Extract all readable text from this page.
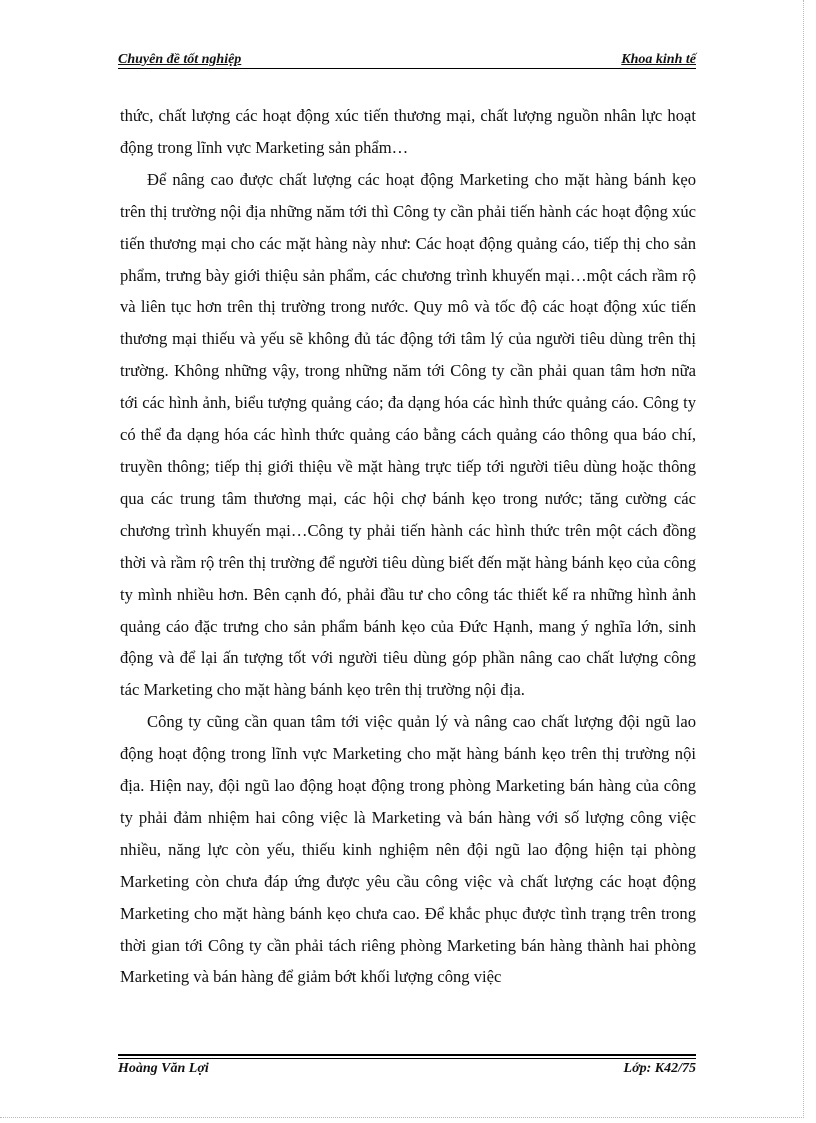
Chuyên đề tốt nghiệp	Khoa kinh tế

thức, chất lượng các hoạt động xúc tiến thương mại, chất lượng nguồn nhân lực hoạt động trong lĩnh vực Marketing sản phẩm…

Để nâng cao được chất lượng các hoạt động Marketing cho mặt hàng bánh kẹo trên thị trường nội địa những năm tới thì Công ty cần phải tiến hành các hoạt động xúc tiến thương mại cho các mặt hàng này như: Các hoạt động quảng cáo, tiếp thị cho sản phẩm, trưng bày giới thiệu sản phẩm, các chương trình khuyến mại…một cách rầm rộ và liên tục hơn trên thị trường trong nước. Quy mô và tốc độ các hoạt động xúc tiến thương mại thiếu và yếu sẽ không đủ tác động tới tâm lý của người tiêu dùng trên thị trường. Không những vậy, trong những năm tới Công ty cần phải quan tâm hơn nữa tới các hình ảnh, biểu tượng quảng cáo; đa dạng hóa các hình thức quảng cáo. Công ty có thể đa dạng hóa các hình thức quảng cáo bằng cách quảng cáo thông qua báo chí, truyền thông; tiếp thị giới thiệu về mặt hàng trực tiếp tới người tiêu dùng hoặc thông qua các trung tâm thương mại, các hội chợ bánh kẹo trong nước; tăng cường các chương trình khuyến mại…Công ty phải tiến hành các hình thức trên một cách đồng thời và rầm rộ trên thị trường để người tiêu dùng biết đến mặt hàng bánh kẹo của công ty mình nhiều hơn. Bên cạnh đó, phải đầu tư cho công tác thiết kế ra những hình ảnh quảng cáo đặc trưng cho sản phẩm bánh kẹo của Đức Hạnh, mang ý nghĩa lớn, sinh động và để lại ấn tượng tốt với người tiêu dùng góp phần nâng cao chất lượng công tác Marketing cho mặt hàng bánh kẹo trên thị trường nội địa.

Công ty cũng cần quan tâm tới việc quản lý và nâng cao chất lượng đội ngũ lao động hoạt động trong lĩnh vực Marketing cho mặt hàng bánh kẹo trên thị trường nội địa. Hiện nay, đội ngũ lao động hoạt động trong phòng Marketing bán hàng của công ty phải đảm nhiệm hai công việc là Marketing và bán hàng với số lượng công việc nhiều, năng lực còn yếu, thiếu kinh nghiệm nên đội ngũ lao động hiện tại phòng Marketing còn chưa đáp ứng được yêu cầu công việc và chất lượng các hoạt động Marketing cho mặt hàng bánh kẹo chưa cao. Để khắc phục được tình trạng trên trong thời gian tới Công ty cần phải tách riêng phòng Marketing bán hàng thành hai phòng Marketing và bán hàng để giảm bớt khối lượng công việc

Hoàng Văn Lợi	Lớp: K42/75
